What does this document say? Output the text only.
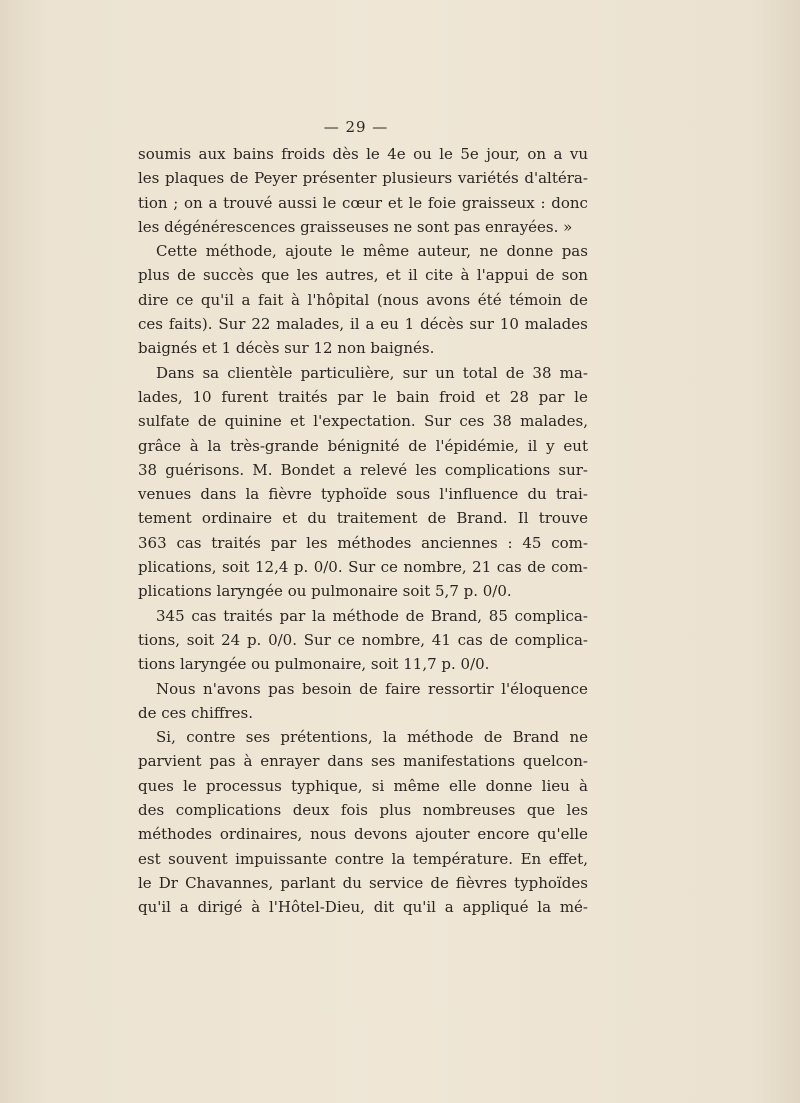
— 29 —
soumis aux bains froids dès le 4e ou le 5e jour, on a vu
les plaques de Peyer présenter plusieurs variétés d'altéra-
tion ; on a trouvé aussi le cœur et le foie graisseux : donc
les dégénérescences graisseuses ne sont pas enrayées. »
Cette méthode, ajoute le même auteur, ne donne pas
plus de succès que les autres, et il cite à l'appui de son
dire ce qu'il a fait à l'hôpital (nous avons été témoin de
ces faits). Sur 22 malades, il a eu 1 décès sur 10 malades
baignés et 1 décès sur 12 non baignés.
Dans sa clientèle particulière, sur un total de 38 ma-
lades, 10 furent traités par le bain froid et 28 par le
sulfate de quinine et l'expectation. Sur ces 38 malades,
grâce à la très-grande bénignité de l'épidémie, il y eut
38 guérisons. M. Bondet a relevé les complications sur-
venues dans la fièvre typhoïde sous l'influence du trai-
tement ordinaire et du traitement de Brand. Il trouve
363 cas traités par les méthodes anciennes : 45 com-
plications, soit 12,4 p. 0/0. Sur ce nombre, 21 cas de com-
plications laryngée ou pulmonaire soit 5,7 p. 0/0.
345 cas traités par la méthode de Brand, 85 complica-
tions, soit 24 p. 0/0. Sur ce nombre, 41 cas de complica-
tions laryngée ou pulmonaire, soit 11,7 p. 0/0.
Nous n'avons pas besoin de faire ressortir l'éloquence
de ces chiffres.
Si, contre ses prétentions, la méthode de Brand ne
parvient pas à enrayer dans ses manifestations quelcon-
ques le processus typhique, si même elle donne lieu à
des complications deux fois plus nombreuses que les
méthodes ordinaires, nous devons ajouter encore qu'elle
est souvent impuissante contre la température. En effet,
le Dr Chavannes, parlant du service de fièvres typhoïdes
qu'il a dirigé à l'Hôtel-Dieu, dit qu'il a appliqué la mé-
